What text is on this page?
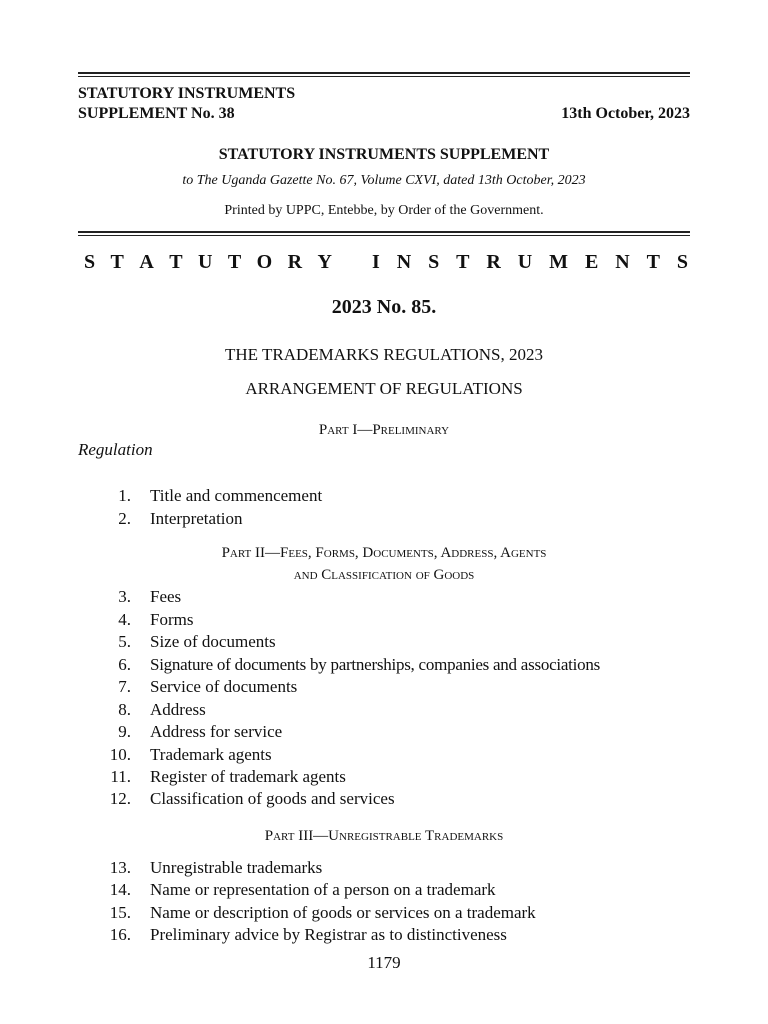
STATUTORY INSTRUMENTS
SUPPLEMENT No. 38	13th October, 2023
STATUTORY INSTRUMENTS SUPPLEMENT
to The Uganda Gazette No. 67, Volume CXVI, dated 13th October, 2023
Printed by UPPC, Entebbe, by Order of the Government.
S T A T U T O R Y I N S T R U M E N T S
2023 No. 85.
THE TRADEMARKS REGULATIONS, 2023
ARRANGEMENT OF REGULATIONS
Part I—Preliminary
Regulation
1. Title and commencement
2. Interpretation
Part II—Fees, Forms, Documents, Address, Agents
and Classification of Goods
3. Fees
4. Forms
5. Size of documents
6. Signature of documents by partnerships, companies and associations
7. Service of documents
8. Address
9. Address for service
10. Trademark agents
11. Register of trademark agents
12. Classification of goods and services
Part III—Unregistrable Trademarks
13. Unregistrable trademarks
14. Name or representation of a person on a trademark
15. Name or description of goods or services on a trademark
16. Preliminary advice by Registrar as to distinctiveness
1179
